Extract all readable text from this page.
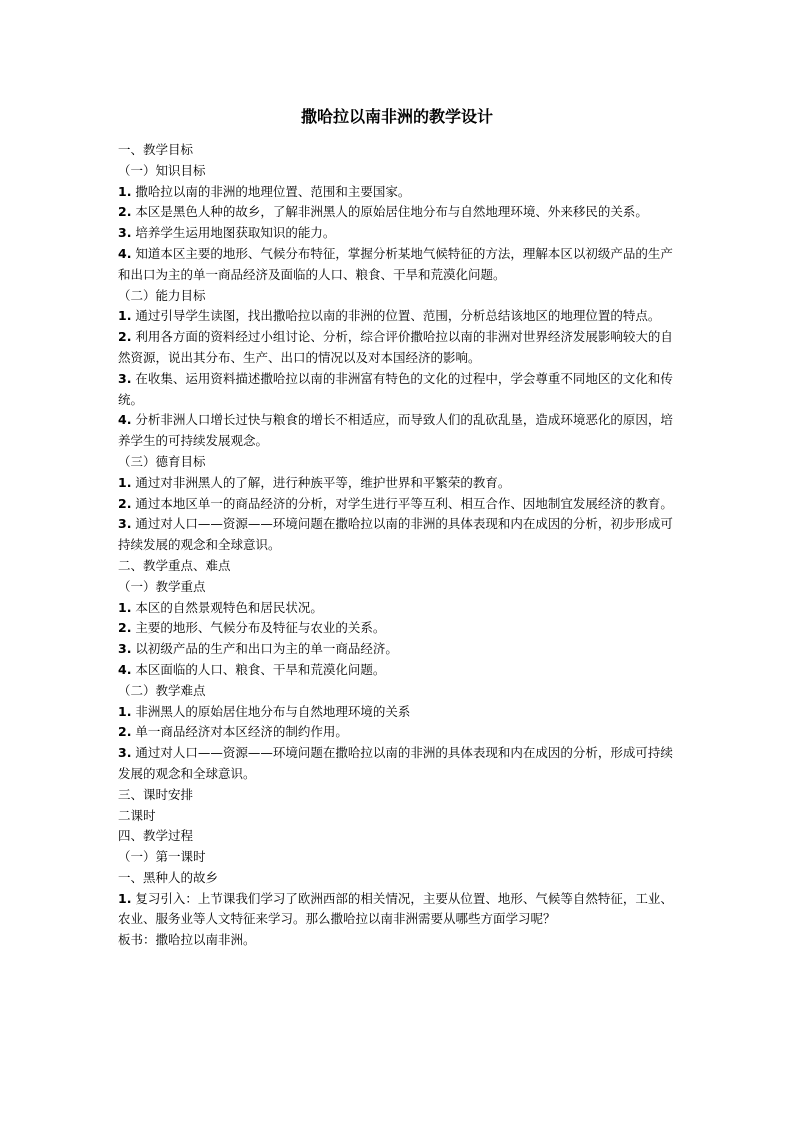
撒哈拉以南非洲的教学设计

一、教学目标

（一）知识目标

1. 撒哈拉以南的非洲的地理位置、范围和主要国家。

2. 本区是黑色人种的故乡，了解非洲黑人的原始居住地分布与自然地理环境、外来移民的关系。

3. 培养学生运用地图获取知识的能力。

4. 知道本区主要的地形、气候分布特征，掌握分析某地气候特征的方法，理解本区以初级产品的生产和出口为主的单一商品经济及面临的人口、粮食、干旱和荒漠化问题。

（二）能力目标

1. 通过引导学生读图，找出撒哈拉以南的非洲的位置、范围，分析总结该地区的地理位置的特点。

2. 利用各方面的资料经过小组讨论、分析，综合评价撒哈拉以南的非洲对世界经济发展影响较大的自然资源，说出其分布、生产、出口的情况以及对本国经济的影响。

3. 在收集、运用资料描述撒哈拉以南的非洲富有特色的文化的过程中，学会尊重不同地区的文化和传统。

4. 分析非洲人口增长过快与粮食的增长不相适应，而导致人们的乱砍乱垦，造成环境恶化的原因，培养学生的可持续发展观念。

（三）德育目标

1. 通过对非洲黑人的了解，进行种族平等，维护世界和平繁荣的教育。

2. 通过本地区单一的商品经济的分析，对学生进行平等互利、相互合作、因地制宜发展经济的教育。

3. 通过对人口——资源——环境问题在撒哈拉以南的非洲的具体表现和内在成因的分析，初步形成可持续发展的观念和全球意识。

二、教学重点、难点

（一）教学重点

1. 本区的自然景观特色和居民状况。

2. 主要的地形、气候分布及特征与农业的关系。

3. 以初级产品的生产和出口为主的单一商品经济。

4. 本区面临的人口、粮食、干旱和荒漠化问题。

（二）教学难点

1. 非洲黑人的原始居住地分布与自然地理环境的关系

2. 单一商品经济对本区经济的制约作用。

3. 通过对人口——资源——环境问题在撒哈拉以南的非洲的具体表现和内在成因的分析，形成可持续发展的观念和全球意识。

三、课时安排

二课时

四、教学过程

（一）第一课时

一、黑种人的故乡

1. 复习引入：上节课我们学习了欧洲西部的相关情况，主要从位置、地形、气候等自然特征，工业、农业、服务业等人文特征来学习。那么撒哈拉以南非洲需要从哪些方面学习呢？

板书：撒哈拉以南非洲。
